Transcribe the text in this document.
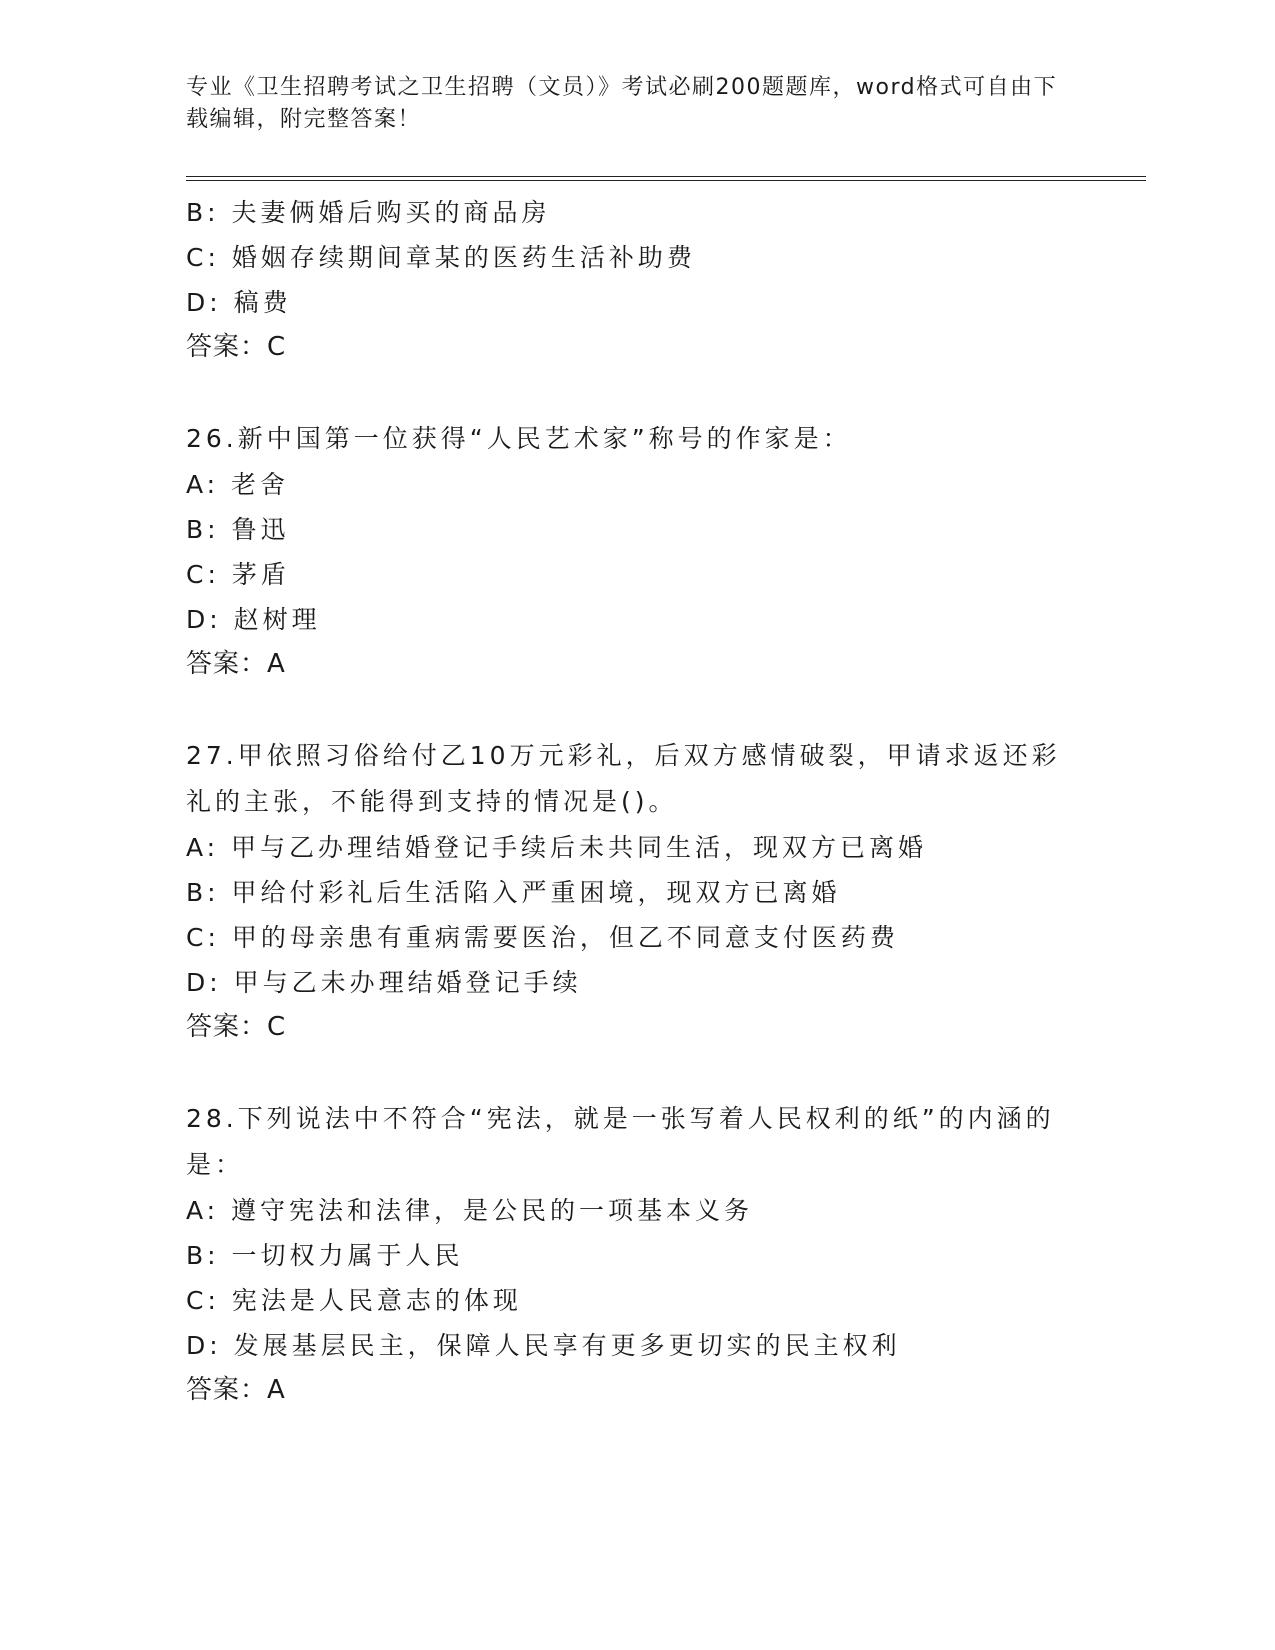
专业《卫生招聘考试之卫生招聘（文员）》考试必刷200题题库，word格式可自由下载编辑，附完整答案！
B: 夫妻俩婚后购买的商品房
C: 婚姻存续期间章某的医药生活补助费
D: 稿费
答案：C
26.新中国第一位获得“人民艺术家”称号的作家是：
A: 老舍
B: 鲁迅
C: 茅盾
D: 赵树理
答案：A
27.甲依照习俗给付乙10万元彩礼，后双方感情破裂，甲请求返还彩礼的主张，不能得到支持的情况是()。
A: 甲与乙办理结婚登记手续后未共同生活，现双方已离婚
B: 甲给付彩礼后生活陷入严重困境，现双方已离婚
C: 甲的母亲患有重病需要医治，但乙不同意支付医药费
D: 甲与乙未办理结婚登记手续
答案：C
28.下列说法中不符合“宪法，就是一张写着人民权利的纸”的内涵的是：
A: 遵守宪法和法律，是公民的一项基本义务
B: 一切权力属于人民
C: 宪法是人民意志的体现
D: 发展基层民主，保障人民享有更多更切实的民主权利
答案：A
